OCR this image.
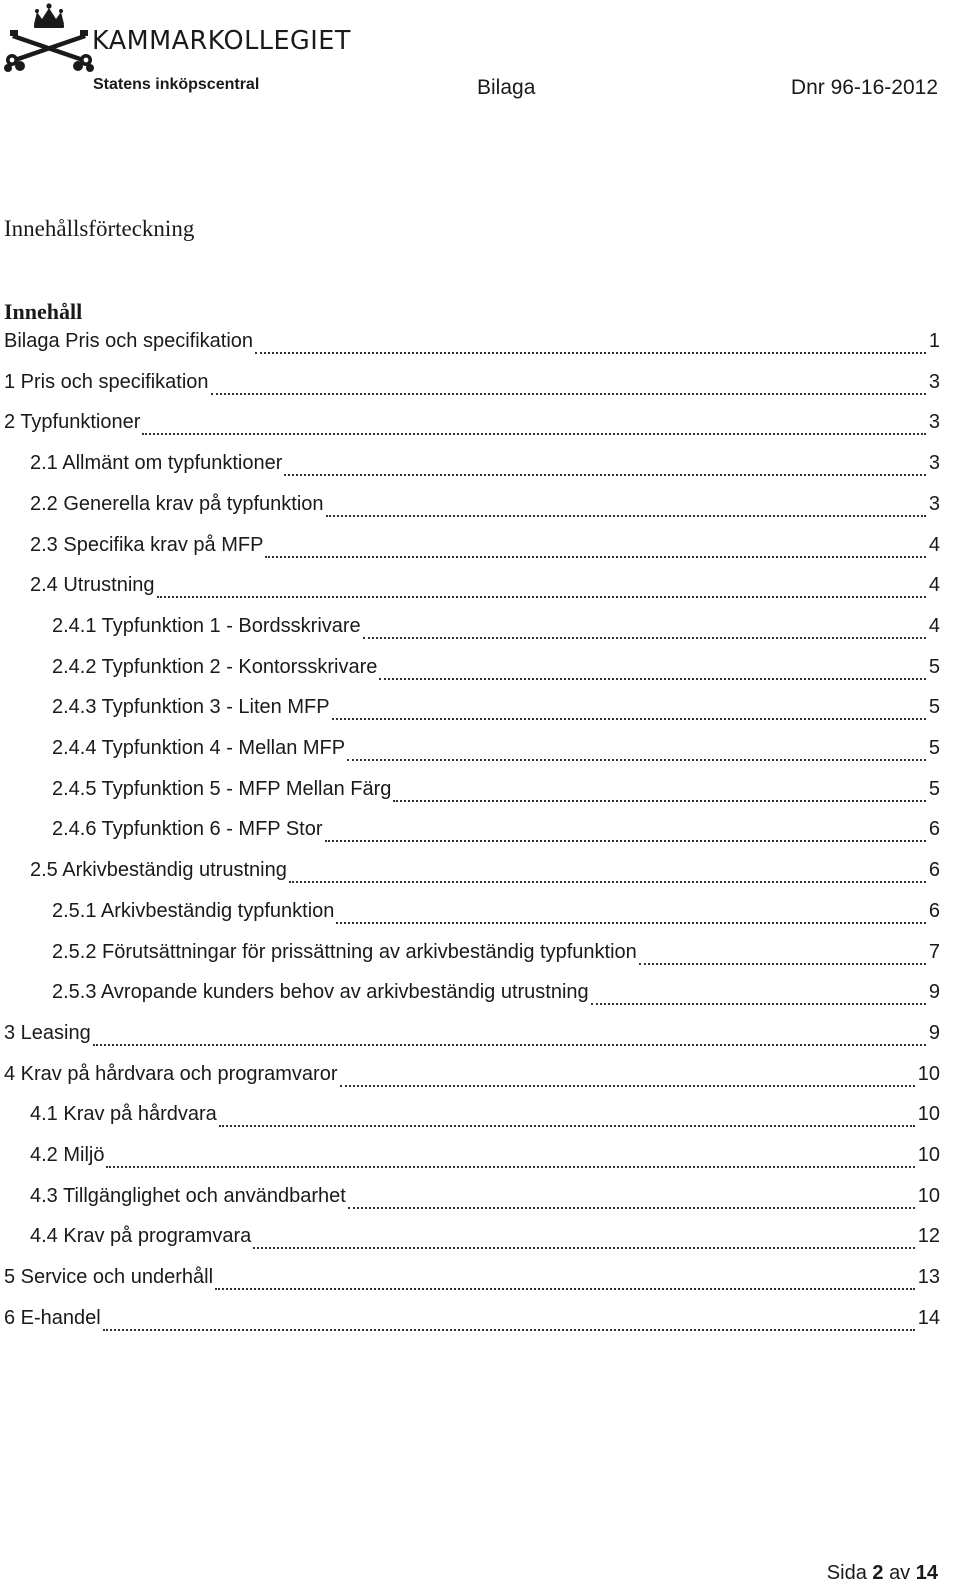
KAMMARKOLLEGIET
Statens inköpscentral	Bilaga	Dnr 96-16-2012
Innehållsförteckning
Innehåll
Bilaga Pris och specifikation	1
1 Pris och specifikation	3
2 Typfunktioner	3
2.1 Allmänt om typfunktioner	3
2.2 Generella krav på typfunktion	3
2.3 Specifika krav på MFP	4
2.4 Utrustning	4
2.4.1 Typfunktion 1 - Bordsskrivare	4
2.4.2 Typfunktion 2 - Kontorsskrivare	5
2.4.3 Typfunktion 3 - Liten MFP	5
2.4.4 Typfunktion 4 - Mellan MFP	5
2.4.5 Typfunktion 5 - MFP Mellan Färg	5
2.4.6 Typfunktion 6 - MFP Stor	6
2.5 Arkivbeständig utrustning	6
2.5.1 Arkivbeständig typfunktion	6
2.5.2 Förutsättningar för prissättning av arkivbeständig typfunktion	7
2.5.3 Avropande kunders behov av arkivbeständig utrustning	9
3 Leasing	9
4 Krav på hårdvara och programvaror	10
4.1 Krav på hårdvara	10
4.2 Miljö	10
4.3 Tillgänglighet och användbarhet	10
4.4 Krav på programvara	12
5 Service och underhåll	13
6 E-handel	14
Sida 2 av 14
